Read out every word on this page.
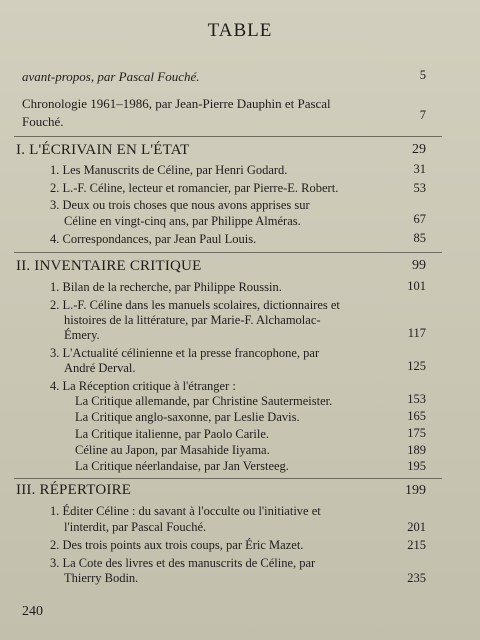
TABLE
avant-propos, par Pascal Fouché.	5
Chronologie 1961–1986, par Jean-Pierre Dauphin et Pascal
Fouché.	7
I. L'ÉCRIVAIN EN L'ÉTAT	29
1. Les Manuscrits de Céline, par Henri Godard.	31
2. L.-F. Céline, lecteur et romancier, par Pierre-E. Robert.	53
3. Deux ou trois choses que nous avons apprises sur
Céline en vingt-cinq ans, par Philippe Alméras.	67
4. Correspondances, par Jean Paul Louis.	85
II. INVENTAIRE CRITIQUE	99
1. Bilan de la recherche, par Philippe Roussin.	101
2. L.-F. Céline dans les manuels scolaires, dictionnaires et
histoires de la littérature, par Marie-F. Alchamolac-
Émery.	117
3. L'Actualité célinienne et la presse francophone, par
André Derval.	125
4. La Réception critique à l'étranger :
La Critique allemande, par Christine Sautermeister.	153
La Critique anglo-saxonne, par Leslie Davis.	165
La Critique italienne, par Paolo Carile.	175
Céline au Japon, par Masahide Iiyama.	189
La Critique néerlandaise, par Jan Versteeg.	195
III. RÉPERTOIRE	199
1. Éditer Céline : du savant à l'occulte ou l'initiative et
l'interdit, par Pascal Fouché.	201
2. Des trois points aux trois coups, par Éric Mazet.	215
3. La Cote des livres et des manuscrits de Céline, par
Thierry Bodin.	235
240
